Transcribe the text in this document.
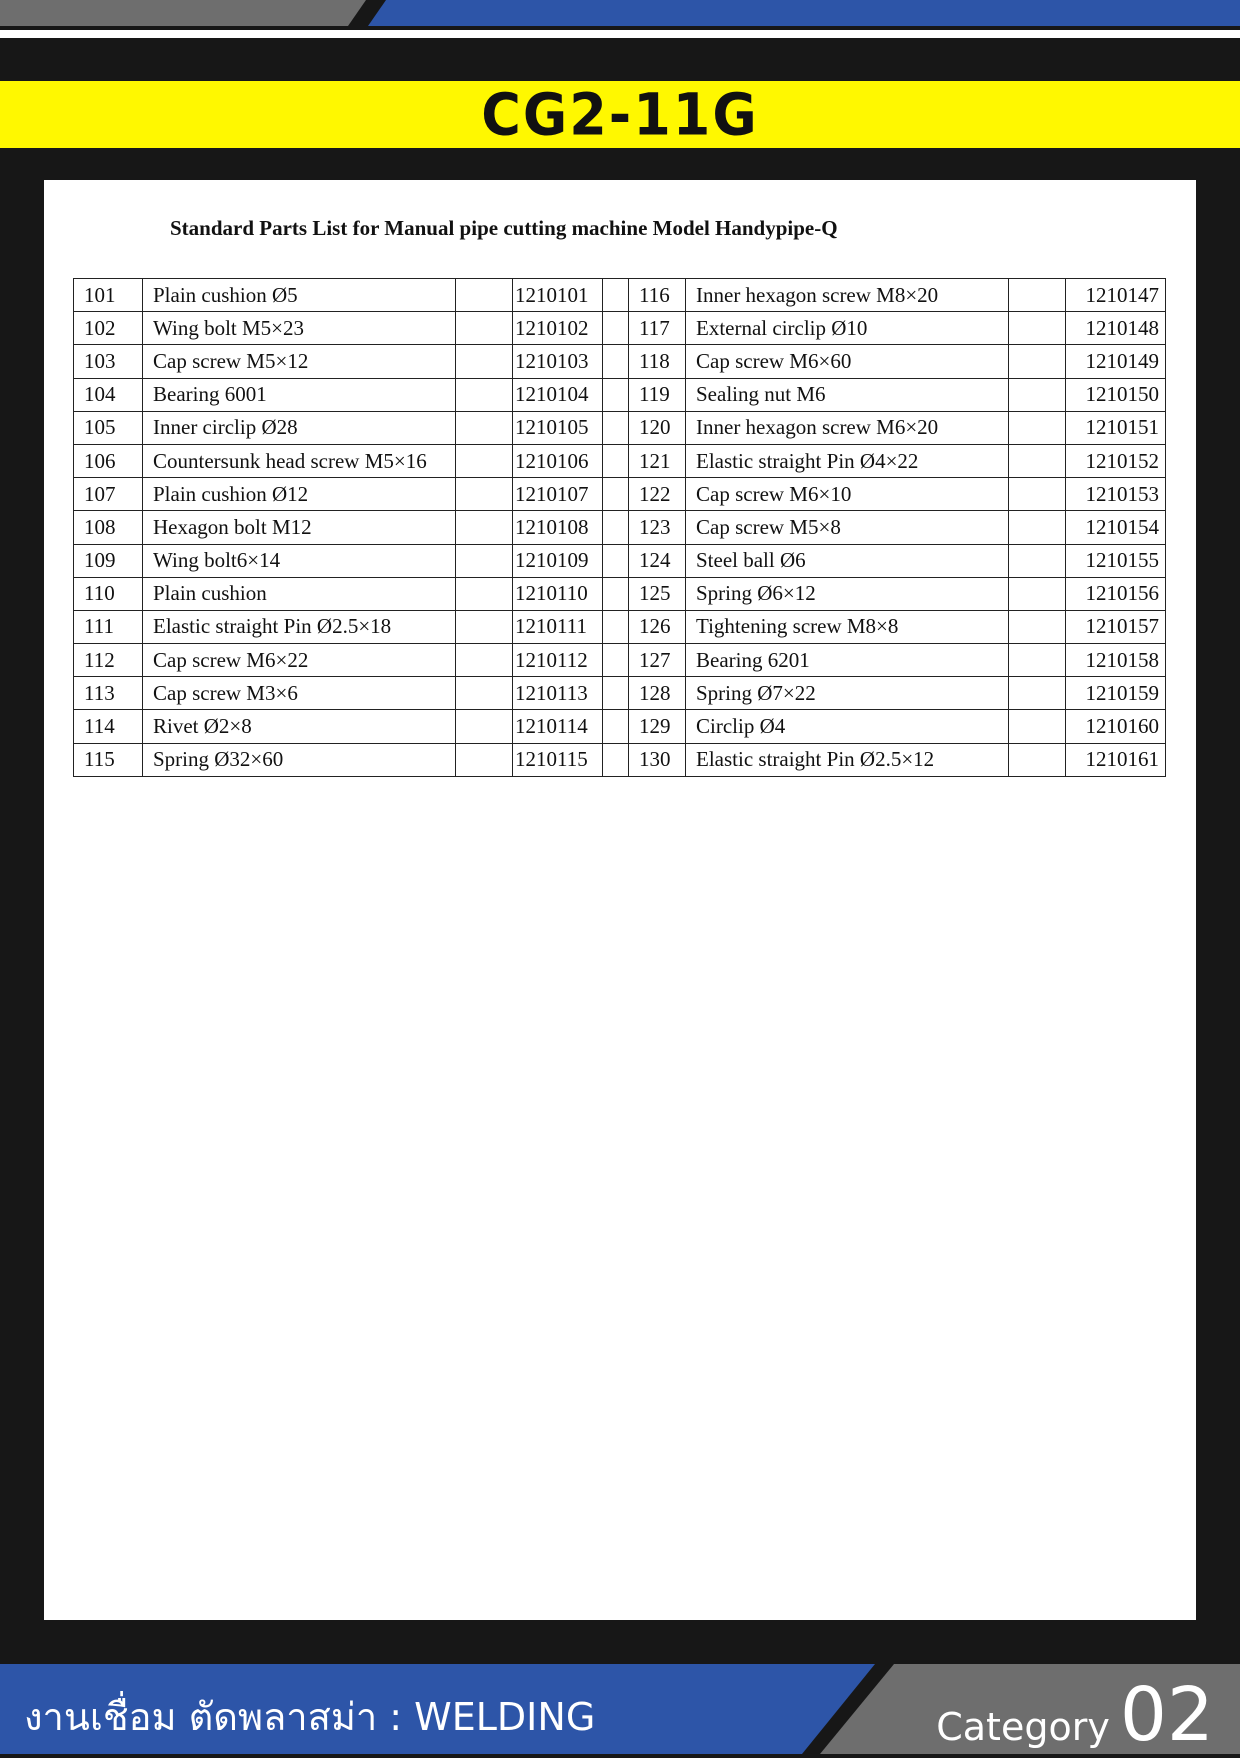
CG2-11G

Standard Parts List for Manual pipe cutting machine Model Handypipe-Q

101	Plain cushion Ø5		1210101		116	Inner hexagon screw M8×20		1210147
102	Wing bolt M5×23		1210102		117	External circlip Ø10		1210148
103	Cap screw M5×12		1210103		118	Cap screw M6×60		1210149
104	Bearing 6001		1210104		119	Sealing nut M6		1210150
105	Inner circlip Ø28		1210105		120	Inner hexagon screw M6×20		1210151
106	Countersunk head screw M5×16		1210106		121	Elastic straight Pin Ø4×22		1210152
107	Plain cushion Ø12		1210107		122	Cap screw M6×10		1210153
108	Hexagon bolt M12		1210108		123	Cap screw M5×8		1210154
109	Wing bolt6×14		1210109		124	Steel ball Ø6		1210155
110	Plain cushion		1210110		125	Spring Ø6×12		1210156
111	Elastic straight Pin Ø2.5×18		1210111		126	Tightening screw M8×8		1210157
112	Cap screw M6×22		1210112		127	Bearing 6201		1210158
113	Cap screw M3×6		1210113		128	Spring Ø7×22		1210159
114	Rivet Ø2×8		1210114		129	Circlip Ø4		1210160
115	Spring Ø32×60		1210115		130	Elastic straight Pin Ø2.5×12		1210161
งานเชื่อม ตัดพลาสม่า : WELDING	Category 02
